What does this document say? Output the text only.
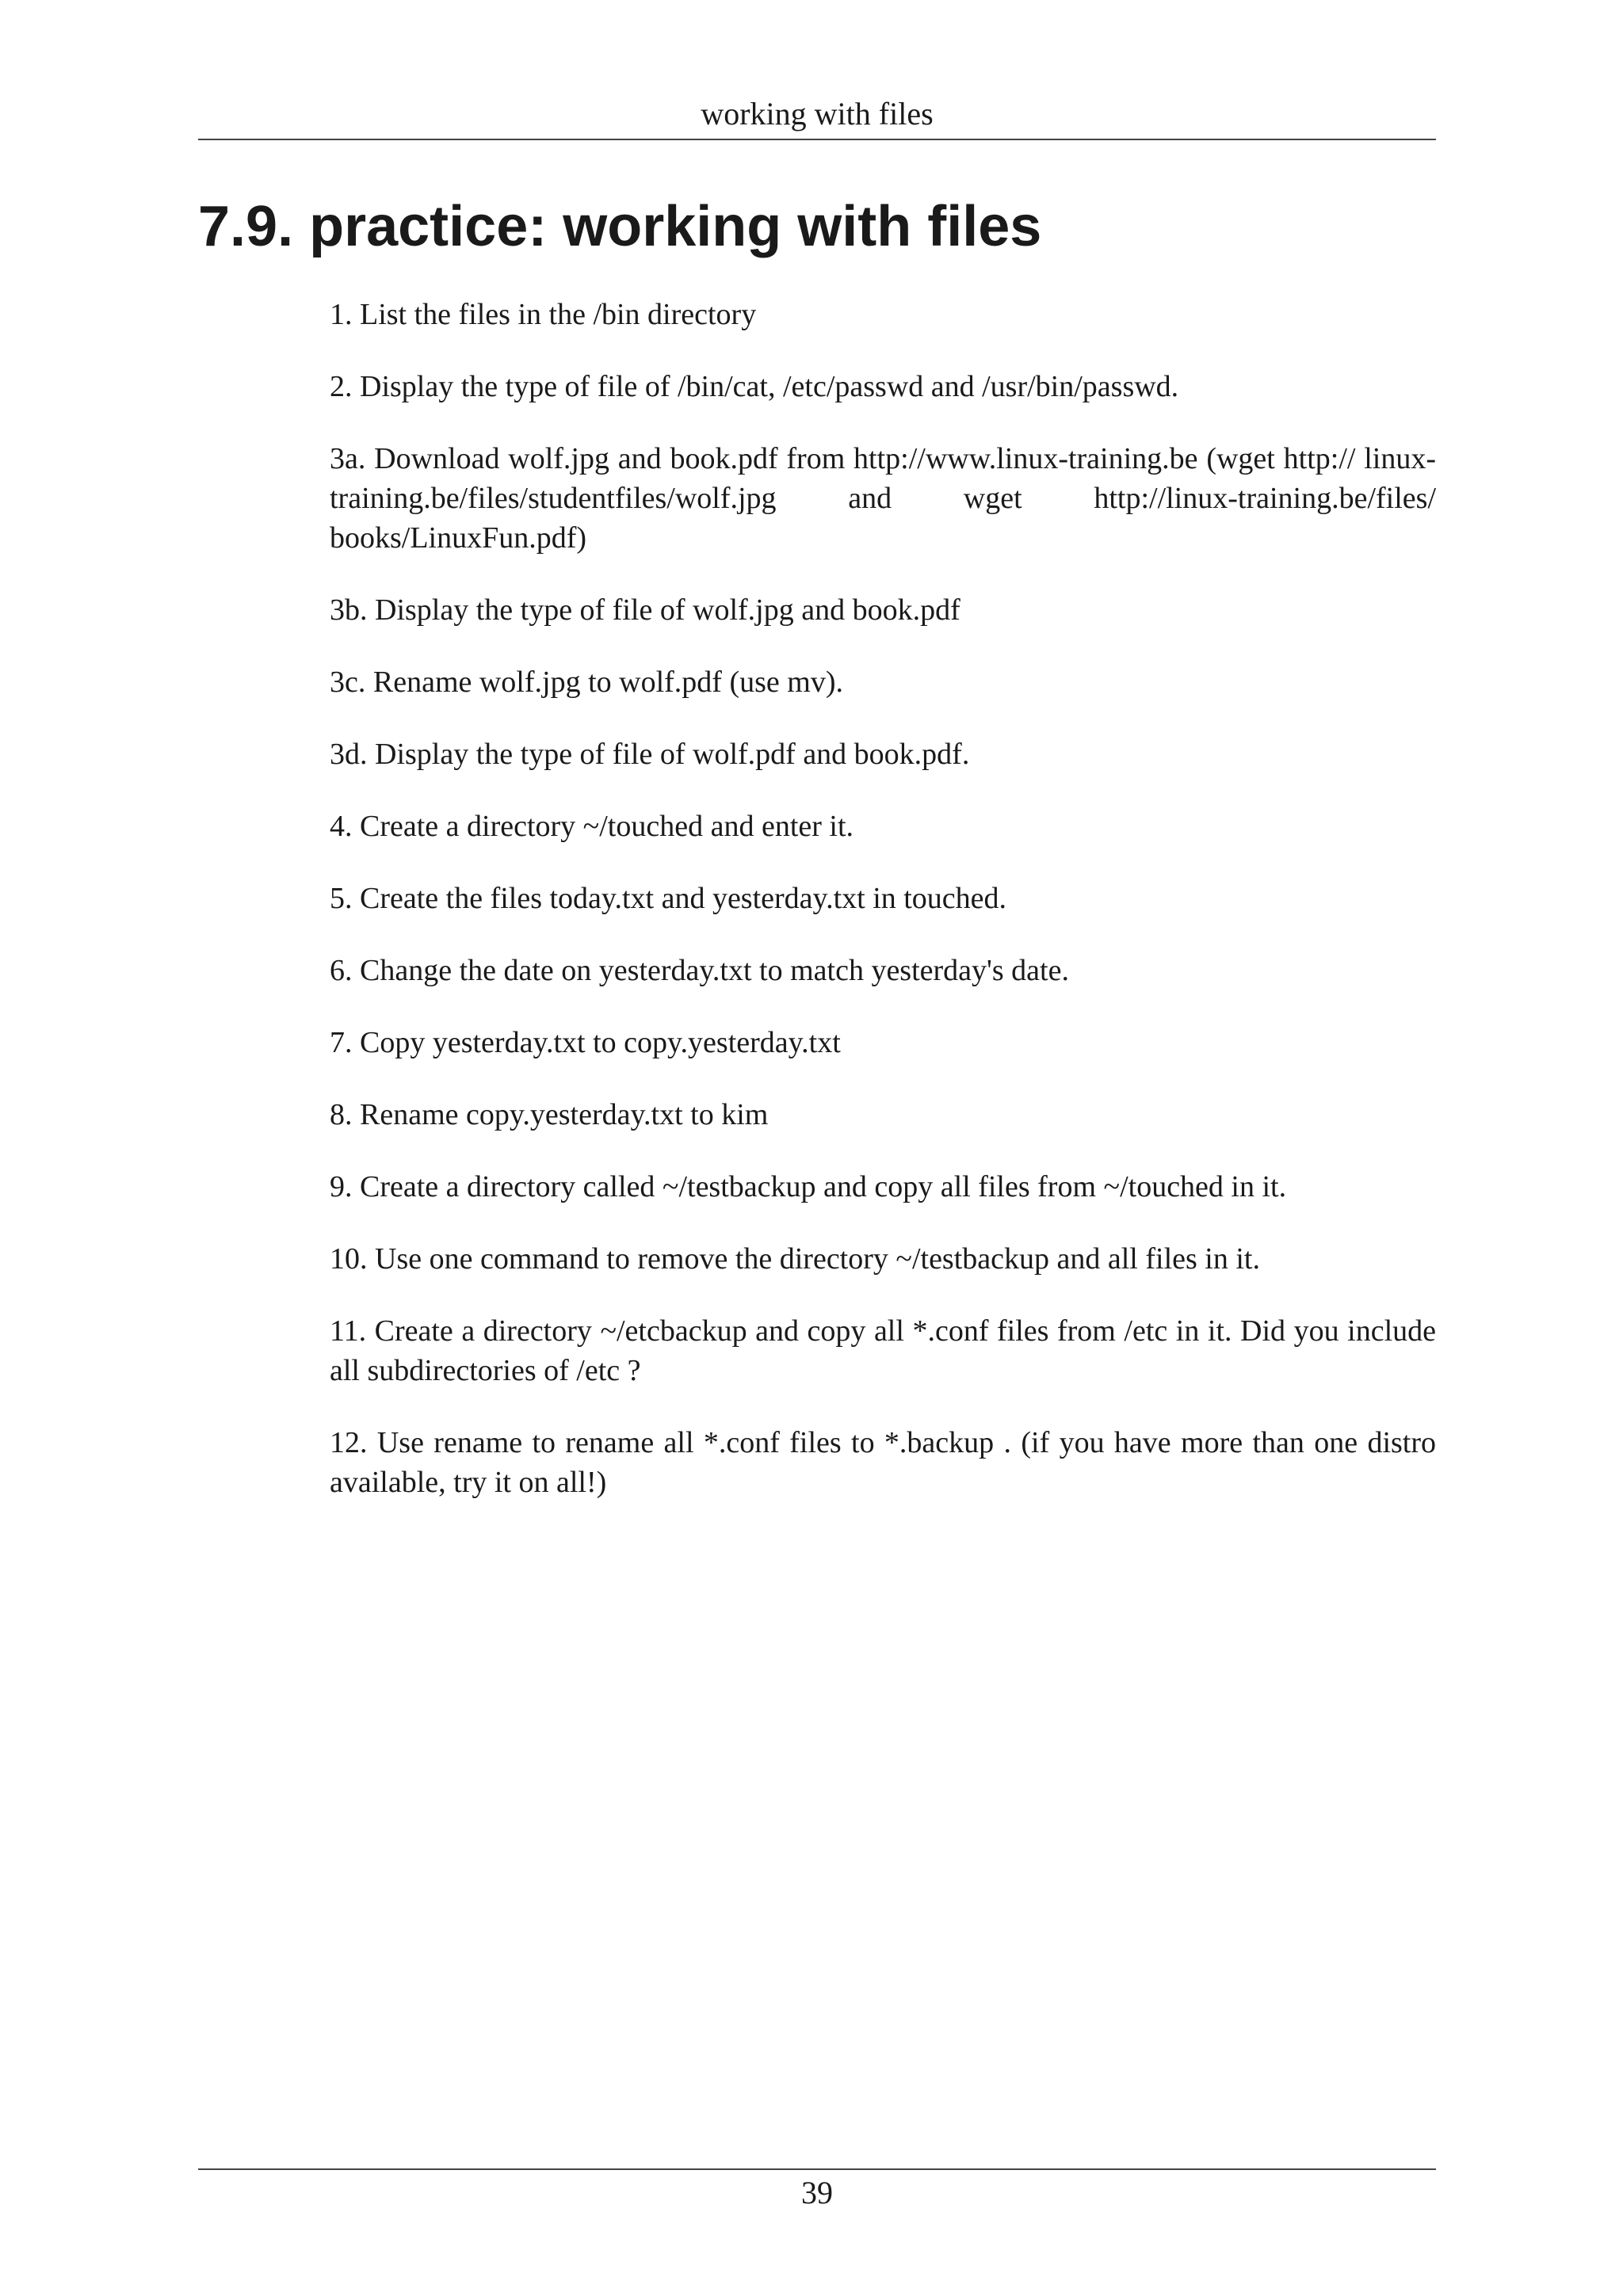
working with files
7.9. practice: working with files
1. List the files in the /bin directory
2. Display the type of file of /bin/cat, /etc/passwd and /usr/bin/passwd.
3a. Download wolf.jpg and book.pdf from http://www.linux-training.be (wget http:// linux-training.be/files/studentfiles/wolf.jpg and wget http://linux-training.be/files/ books/LinuxFun.pdf)
3b. Display the type of file of wolf.jpg and book.pdf
3c. Rename wolf.jpg to wolf.pdf (use mv).
3d. Display the type of file of wolf.pdf and book.pdf.
4. Create a directory ~/touched and enter it.
5. Create the files today.txt and yesterday.txt in touched.
6. Change the date on yesterday.txt to match yesterday's date.
7. Copy yesterday.txt to copy.yesterday.txt
8. Rename copy.yesterday.txt to kim
9. Create a directory called ~/testbackup and copy all files from ~/touched in it.
10. Use one command to remove the directory ~/testbackup and all files in it.
11. Create a directory ~/etcbackup and copy all *.conf files from /etc in it. Did you include all subdirectories of /etc ?
12. Use rename to rename all *.conf files to *.backup . (if you have more than one distro available, try it on all!)
39
